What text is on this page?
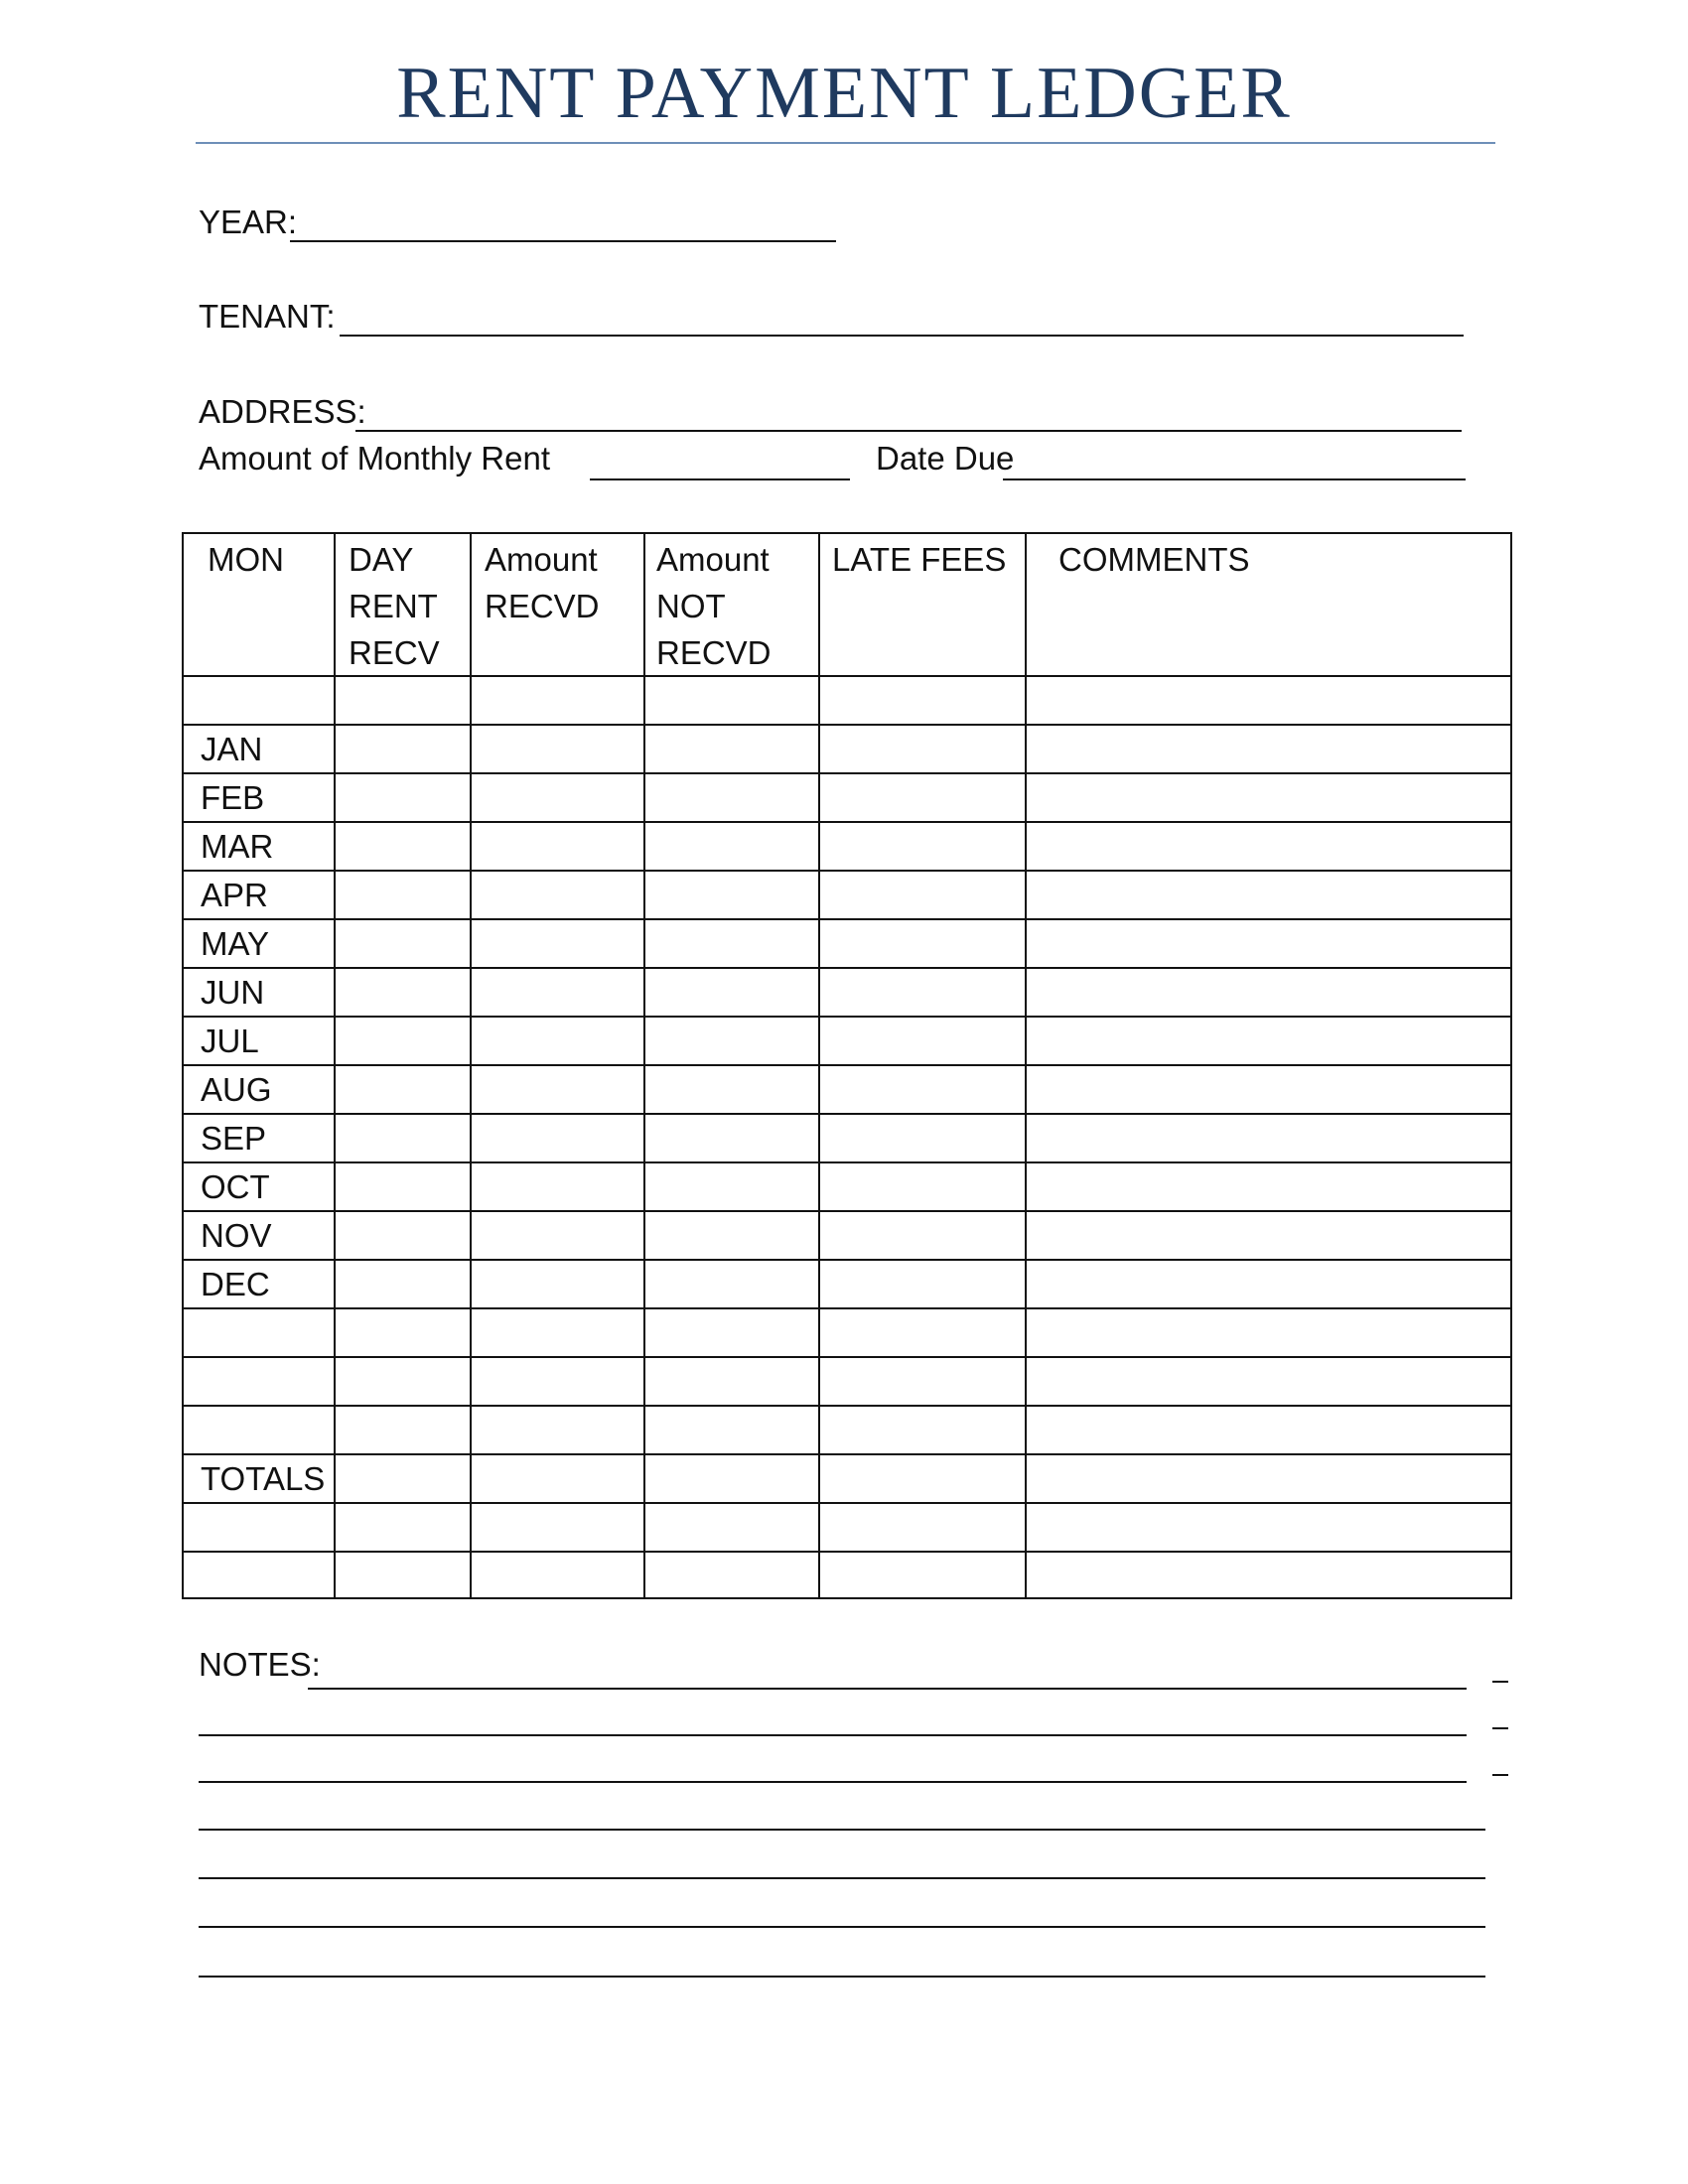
RENT PAYMENT LEDGER
YEAR:
TENANT:
ADDRESS:
Amount of Monthly Rent	Date Due
MON DAY
RENT
RECV
Amount
RECVD
Amount
NOT
RECVD
LATE FEES COMMENTS
JAN
FEB
MAR
APR
MAY
JUN
JUL
AUG
SEP
OCT
NOV
DEC
TOTALS
NOTES:
